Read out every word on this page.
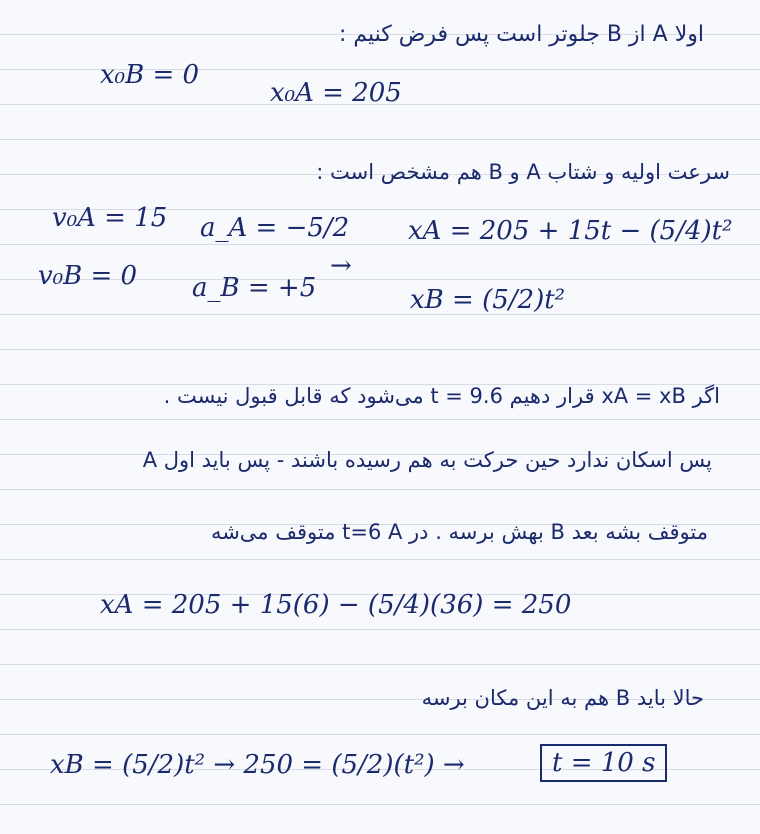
اولا A از B جلوتر است پس فرض کنیم :
x₀B = 0
x₀A = 205
سرعت اولیه و شتاب A و B هم مشخص است :
v₀A = 15 a_A = −5/2 xA = 205 + 15t − (5/4)t²
→
v₀B = 0 a_B = +5	xB = (5/2)t²
اگر xA = xB قرار دهیم t = 9.6 می‌شود که قابل قبول نیست .
پس اسکان ندارد حین حرکت به هم رسیده باشند - پس باید اول A
متوقف بشه بعد B بهش برسه . در t=6 A متوقف می‌شه
xA = 205 + 15(6) − (5/4)(36) = 250
حالا باید B هم به این مکان برسه
xB = (5/2)t² → 250 = (5/2)(t²) →	t = 10 s
